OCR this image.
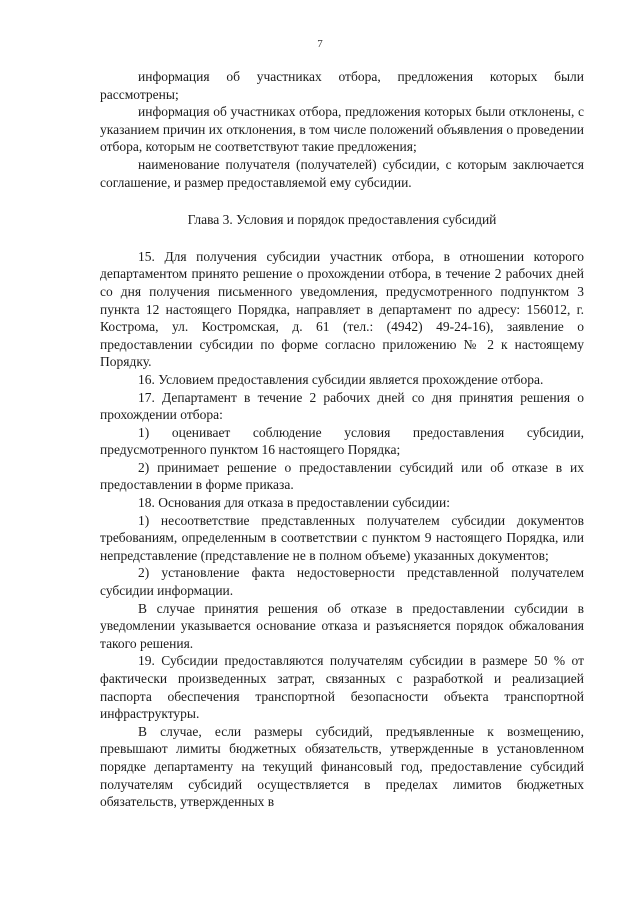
7

информация об участниках отбора, предложения которых были рассмотрены;

информация об участниках отбора, предложения которых были отклонены, с указанием причин их отклонения, в том числе положений объявления о проведении отбора, которым не соответствуют такие предложения;

наименование получателя (получателей) субсидии, с которым заключается соглашение, и размер предоставляемой ему субсидии.

Глава 3. Условия и порядок предоставления субсидий

15. Для получения субсидии участник отбора, в отношении которого департаментом принято решение о прохождении отбора, в течение 2 рабочих дней со дня получения письменного уведомления, предусмотренного подпунктом 3 пункта 12 настоящего Порядка, направляет в департамент по адресу: 156012, г. Кострома, ул. Костромская, д. 61 (тел.: (4942) 49-24-16), заявление о предоставлении субсидии по форме согласно приложению № 2 к настоящему Порядку.

16. Условием предоставления субсидии является прохождение отбора.

17. Департамент в течение 2 рабочих дней со дня принятия решения о прохождении отбора:

1) оценивает соблюдение условия предоставления субсидии, предусмотренного пунктом 16 настоящего Порядка;

2) принимает решение о предоставлении субсидий или об отказе в их предоставлении в форме приказа.

18. Основания для отказа в предоставлении субсидии:

1) несоответствие представленных получателем субсидии документов требованиям, определенным в соответствии с пунктом 9 настоящего Порядка, или непредставление (представление не в полном объеме) указанных документов;

2) установление факта недостоверности представленной получателем субсидии информации.

В случае принятия решения об отказе в предоставлении субсидии в уведомлении указывается основание отказа и разъясняется порядок обжалования такого решения.

19. Субсидии предоставляются получателям субсидии в размере 50 % от фактически произведенных затрат, связанных с разработкой и реализацией паспорта обеспечения транспортной безопасности объекта транспортной инфраструктуры.

В случае, если размеры субсидий, предъявленные к возмещению, превышают лимиты бюджетных обязательств, утвержденные в установленном порядке департаменту на текущий финансовый год, предоставление субсидий получателям субсидий осуществляется в пределах лимитов бюджетных обязательств, утвержденных в
